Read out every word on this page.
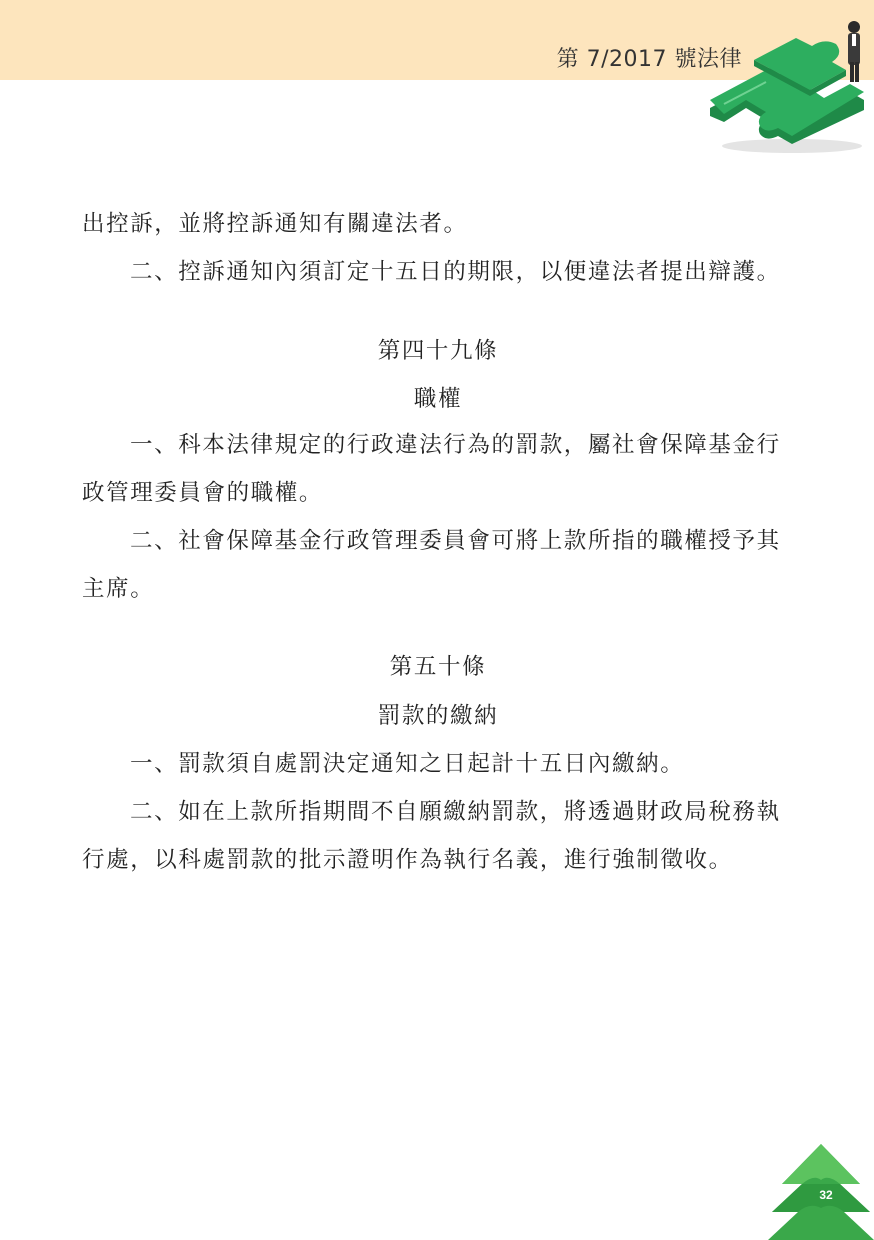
第 7/2017 號法律
出控訴，並將控訴通知有關違法者。
二、控訴通知內須訂定十五日的期限，以便違法者提出辯護。
第四十九條
職權
一、科本法律規定的行政違法行為的罰款，屬社會保障基金行
政管理委員會的職權。
二、社會保障基金行政管理委員會可將上款所指的職權授予其
主席。
第五十條
罰款的繳納
一、罰款須自處罰決定通知之日起計十五日內繳納。
二、如在上款所指期間不自願繳納罰款，將透過財政局稅務執
行處，以科處罰款的批示證明作為執行名義，進行強制徵收。
32
